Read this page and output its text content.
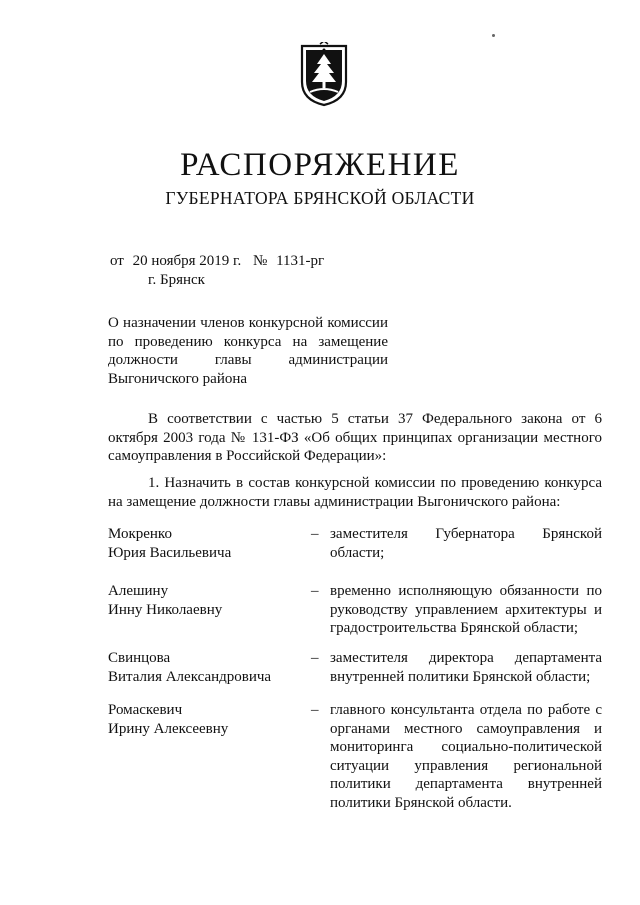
РАСПОРЯЖЕНИЕ
ГУБЕРНАТОРА БРЯНСКОЙ ОБЛАСТИ
от 20 ноября 2019 г. № 1131-рг
г. Брянск
О назначении членов конкурсной комиссии по проведению конкурса на замещение должности главы администрации Выгоничского района
В соответствии с частью 5 статьи 37 Федерального закона от 6 октября 2003 года № 131-ФЗ «Об общих принципах организации местного самоуправления в Российской Федерации»:
1. Назначить в состав конкурсной комиссии по проведению конкурса на замещение должности главы администрации Выгоничского района:
Мокренко
Юрия Васильевича
– заместителя Губернатора Брянской области;
Алешину
Инну Николаевну
– временно исполняющую обязанности по руководству управлением архитектуры и градостроительства Брянской области;
Свинцова
Виталия Александровича
– заместителя директора департамента внутренней политики Брянской области;
Ромаскевич
Ирину Алексеевну
– главного консультанта отдела по работе с органами местного самоуправления и мониторинга социально-политической ситуации управления региональной политики департамента внутренней политики Брянской области.
